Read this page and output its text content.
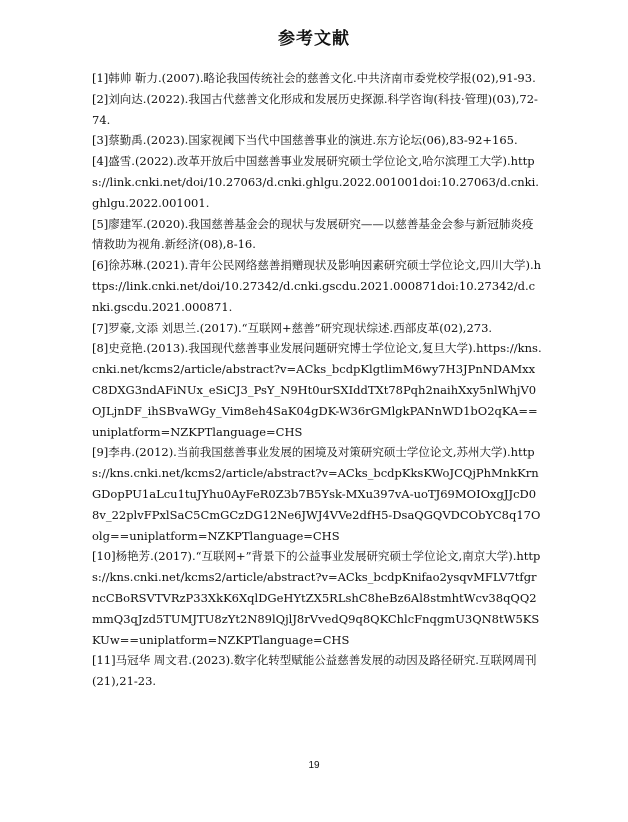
参考文献
[1]韩帅 靳力.(2007).略论我国传统社会的慈善文化.中共济南市委党校学报(02),91-93.
[2]刘向达.(2022).我国古代慈善文化形成和发展历史探源.科学咨询(科技·管理)(03),72-74.
[3]蔡勤禹.(2023).国家视阈下当代中国慈善事业的演进.东方论坛(06),83-92+165.
[4]盛雪.(2022).改革开放后中国慈善事业发展研究硕士学位论文,哈尔滨理工大学).https://link.cnki.net/doi/10.27063/d.cnki.ghlgu.2022.001001doi:10.27063/d.cnki.ghlgu.2022.001001.
[5]廖建军.(2020).我国慈善基金会的现状与发展研究——以慈善基金会参与新冠肺炎疫情救助为视角.新经济(08),8-16.
[6]徐苏琳.(2021).青年公民网络慈善捐赠现状及影响因素研究硕士学位论文,四川大学).https://link.cnki.net/doi/10.27342/d.cnki.gscdu.2021.000871doi:10.27342/d.cnki.gscdu.2021.000871.
[7]罗豪,文添 刘思兰.(2017).“互联网+慈善”研究现状综述.西部皮革(02),273.
[8]史竞艳.(2013).我国现代慈善事业发展问题研究博士学位论文,复旦大学).https://kns.cnki.net/kcms2/article/abstract?v=ACks_bcdpKlgtlimM6wy7H3JPnNDAMxxC8DXG3ndAFiNUx_eSiCJ3_PsY_N9Ht0urSXIddTXt78Pqh2naihXxy5nlWhjV0OJLjnDF_ihSBvaWGy_Vim8eh4SaK04gDK-W36rGMlgkPANnWD1bO2qKA==uniplatform=NZKPTlanguage=CHS
[9]李冉.(2012).当前我国慈善事业发展的困境及对策研究硕士学位论文,苏州大学).https://kns.cnki.net/kcms2/article/abstract?v=ACks_bcdpKksKWoJCQjPhMnkKrnGDopPU1aLcu1tuJYhu0AyFeR0Z3b7B5Ysk-MXu397vA-uoTJ69MOIOxgJJcD08v_22plvFPxlSaC5CmGCzDG12Ne6JWJ4VVe2dfH5-DsaQGQVDCObYC8q17Oolg==uniplatform=NZKPTlanguage=CHS
[10]杨艳芳.(2017).“互联网+”背景下的公益事业发展研究硕士学位论文,南京大学).https://kns.cnki.net/kcms2/article/abstract?v=ACks_bcdpKnifao2ysqvMFLV7tfgrncCBoRSVTVRzP33XkK6XqlDGeHYtZX5RLshC8heBz6Al8stmhtWcv38qQQ2mmQ3qJzd5TUMJTU8zYt2N89lQjlJ8rVvedQ9q8QKChlcFnqgmU3QN8tW5KSKUw==uniplatform=NZKPTlanguage=CHS
[11]马冠华 周文君.(2023).数字化转型赋能公益慈善发展的动因及路径研究.互联网周刊(21),21-23.
19
